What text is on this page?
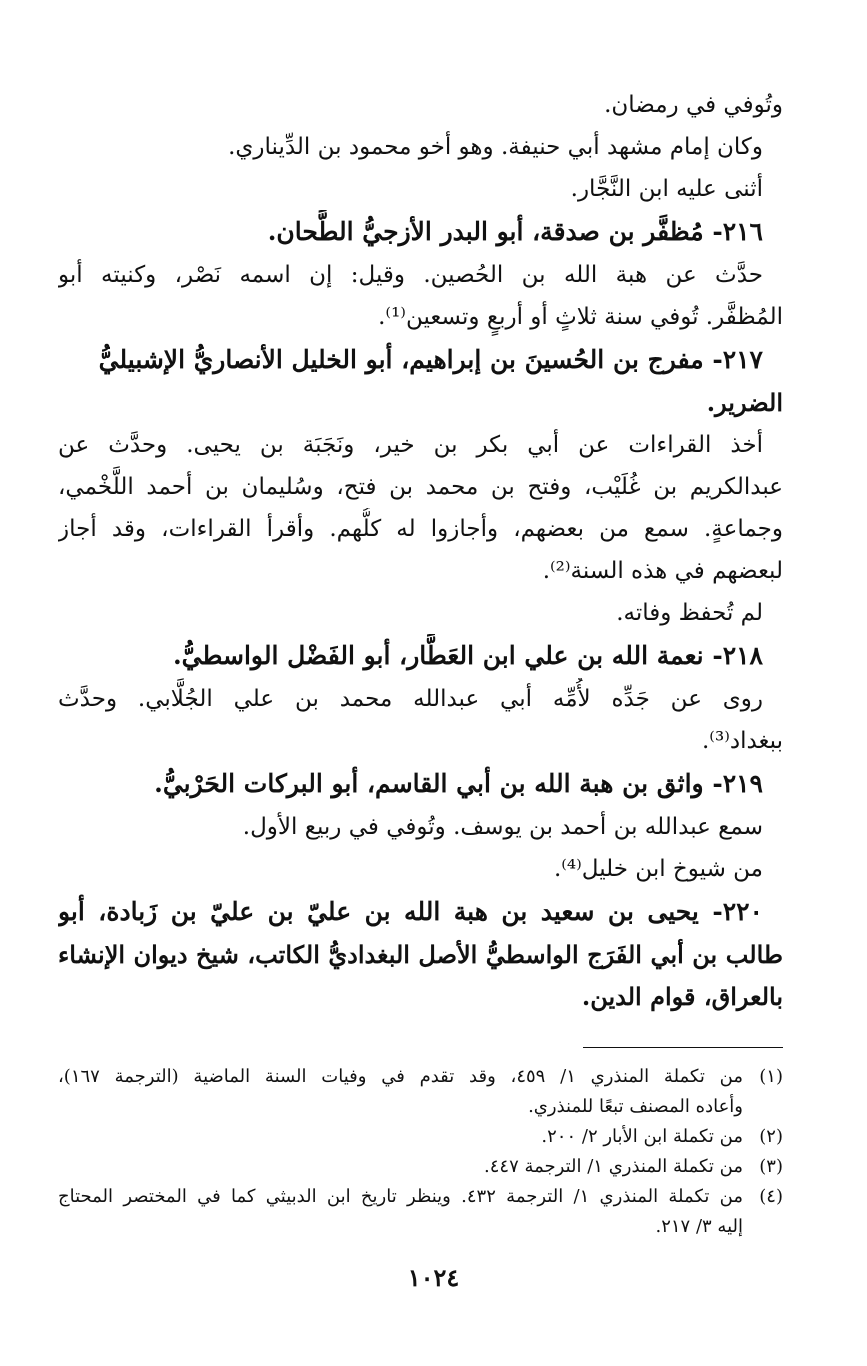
وتُوفي في رمضان.
وكان إمام مشهد أبي حنيفة. وهو أخو محمود بن الدِّيناري.
أثنى عليه ابن النَّجَّار.
٢١٦- مُظفَّر بن صدقة، أبو البدر الأزجيُّ الطَّحان.
حدَّث عن هبة الله بن الحُصين. وقيل: إن اسمه نَصْر، وكنيته أبو
المُظفَّر. تُوفي سنة ثلاثٍ أو أربعٍ وتسعين⁽¹⁾.
٢١٧- مفرج بن الحُسينَ بن إبراهيم، أبو الخليل الأنصاريُّ الإشبيليُّ
الضرير.
أخذ القراءات عن أبي بكر بن خير، ونَجَبَة بن يحيى. وحدَّث عن
عبدالكريم بن غُلَيْب، وفتح بن محمد بن فتح، وسُليمان بن أحمد اللَّخْمي،
وجماعةٍ. سمع من بعضهم، وأجازوا له كلُّهم. وأقرأ القراءات، وقد أجاز
لبعضهم في هذه السنة⁽²⁾.
لم تُحفظ وفاته.
٢١٨- نعمة الله بن علي ابن العَطَّار، أبو الفَضْل الواسطيُّ.
روى عن جَدِّه لأُمِّه أبي عبدالله محمد بن علي الجُلَّابي. وحدَّث
ببغداد⁽³⁾.
٢١٩- واثق بن هبة الله بن أبي القاسم، أبو البركات الحَرْبيُّ.
سمع عبدالله بن أحمد بن يوسف. وتُوفي في ربيع الأول.
من شيوخ ابن خليل⁽⁴⁾.
٢٢٠- يحيى بن سعيد بن هبة الله بن عليّ بن عليّ بن زَبادة، أبو
طالب بن أبي الفَرَج الواسطيُّ الأصل البغداديُّ الكاتب، شيخ ديوان الإنشاء
بالعراق، قوام الدين.
(١)
من تكملة المنذري ١/ ٤٥٩، وقد تقدم في وفيات السنة الماضية (الترجمة ١٦٧)،
وأعاده المصنف تبعًا للمنذري.
(٢)
من تكملة ابن الأبار ٢/ ٢٠٠.
(٣)
من تكملة المنذري ١/ الترجمة ٤٤٧.
(٤)
من تكملة المنذري ١/ الترجمة ٤٣٢. وينظر تاريخ ابن الدبيثي كما في المختصر المحتاج
إليه ٣/ ٢١٧.
١٠٢٤
